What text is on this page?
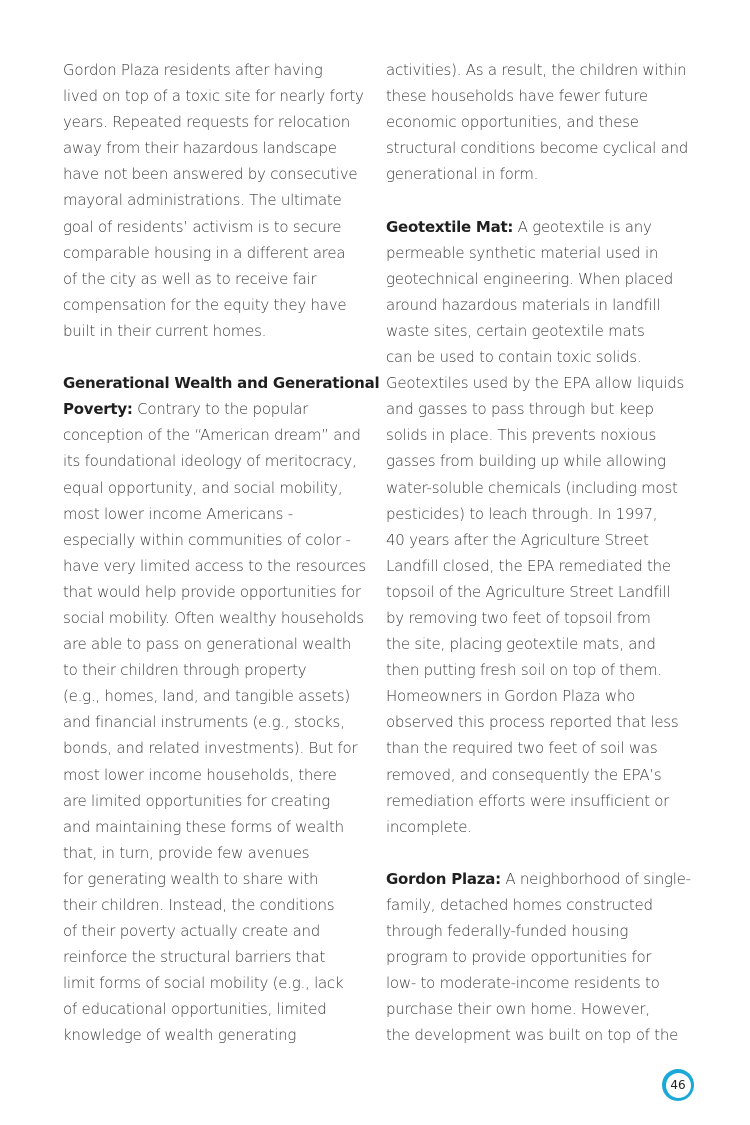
Gordon Plaza residents after having
lived on top of a toxic site for nearly forty
years. Repeated requests for relocation
away from their hazardous landscape
have not been answered by consecutive
mayoral administrations. The ultimate
goal of residents’ activism is to secure
comparable housing in a different area
of the city as well as to receive fair
compensation for the equity they have
built in their current homes.
Generational Wealth and Generational
Poverty: Contrary to the popular
conception of the “American dream” and
its foundational ideology of meritocracy,
equal opportunity, and social mobility,
most lower income Americans -
especially within communities of color -
have very limited access to the resources
that would help provide opportunities for
social mobility. Often wealthy households
are able to pass on generational wealth
to their children through property
(e.g., homes, land, and tangible assets)
and financial instruments (e.g., stocks,
bonds, and related investments). But for
most lower income households, there
are limited opportunities for creating
and maintaining these forms of wealth
that, in turn, provide few avenues
for generating wealth to share with
their children. Instead, the conditions
of their poverty actually create and
reinforce the structural barriers that
limit forms of social mobility (e.g., lack
of educational opportunities, limited
knowledge of wealth generating
activities). As a result, the children within
these households have fewer future
economic opportunities, and these
structural conditions become cyclical and
generational in form.
Geotextile Mat: A geotextile is any
permeable synthetic material used in
geotechnical engineering. When placed
around hazardous materials in landfill
waste sites, certain geotextile mats
can be used to contain toxic solids.
Geotextiles used by the EPA allow liquids
and gasses to pass through but keep
solids in place. This prevents noxious
gasses from building up while allowing
water-soluble chemicals (including most
pesticides) to leach through. In 1997,
40 years after the Agriculture Street
Landfill closed, the EPA remediated the
topsoil of the Agriculture Street Landfill
by removing two feet of topsoil from
the site, placing geotextile mats, and
then putting fresh soil on top of them.
Homeowners in Gordon Plaza who
observed this process reported that less
than the required two feet of soil was
removed, and consequently the EPA’s
remediation efforts were insufficient or
incomplete.
Gordon Plaza: A neighborhood of single-
family, detached homes constructed
through federally-funded housing
program to provide opportunities for
low- to moderate-income residents to
purchase their own home. However,
the development was built on top of the
46
